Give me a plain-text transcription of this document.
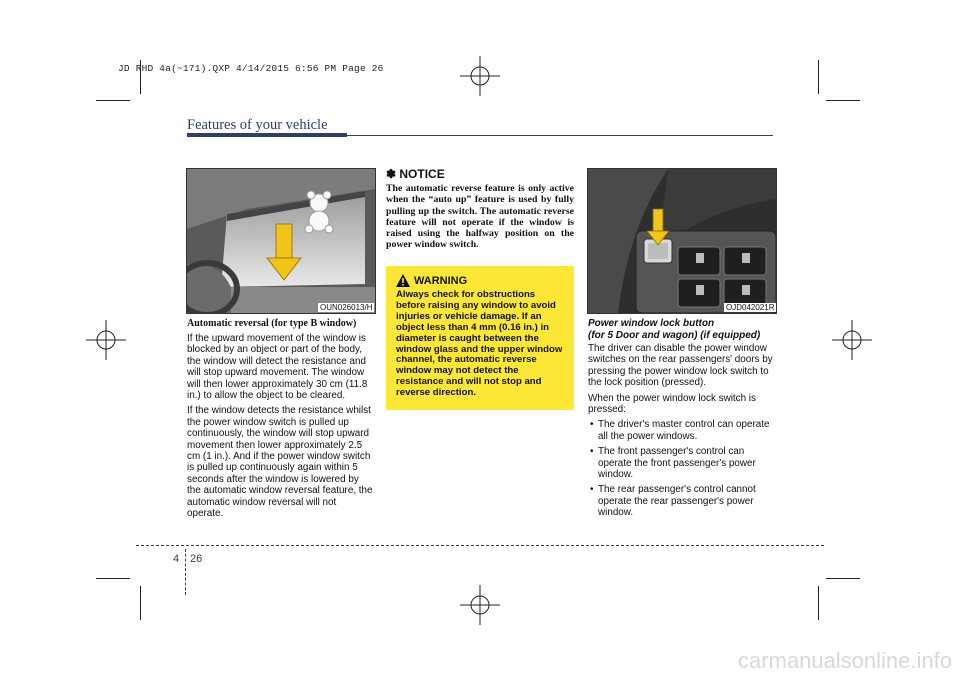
JD RHD 4a(~171).QXP 4/14/2015 6:56 PM Page 26
Features of your vehicle
OUN026013/H
Automatic reversal (for type B window)

If the upward movement of the window is blocked by an object or part of the body, the window will detect the resistance and will stop upward movement. The window will then lower approximately 30 cm (11.8 in.) to allow the object to be cleared.

If the window detects the resistance whilst the power window switch is pulled up continuously, the window will stop upward movement then lower approximately 2.5 cm (1 in.). And if the power window switch is pulled up continuously again within 5 seconds after the window is lowered by the automatic window reversal feature, the automatic window reversal will not operate.

✽ NOTICE

The automatic reverse feature is only active when the “auto up” feature is used by fully pulling up the switch. The automatic reverse feature will not operate if the window is raised using the halfway position on the power window switch.

WARNING

Always check for obstructions before raising any window to avoid injuries or vehicle damage. If an object less than 4 mm (0.16 in.) in diameter is caught between the window glass and the upper window channel, the automatic reverse window may not detect the resistance and will not stop and reverse direction.

OJD042021R
Power window lock button
(for 5 Door and wagon) (if equipped)

The driver can disable the power window switches on the rear passengers' doors by pressing the power window lock switch to the lock position (pressed).

When the power window lock switch is pressed:

• The driver's master control can operate all the power windows.
• The front passenger's control can operate the front passenger's power window.
• The rear passenger's control cannot operate the rear passenger's power window.
4 26
carmanualsonline.info
